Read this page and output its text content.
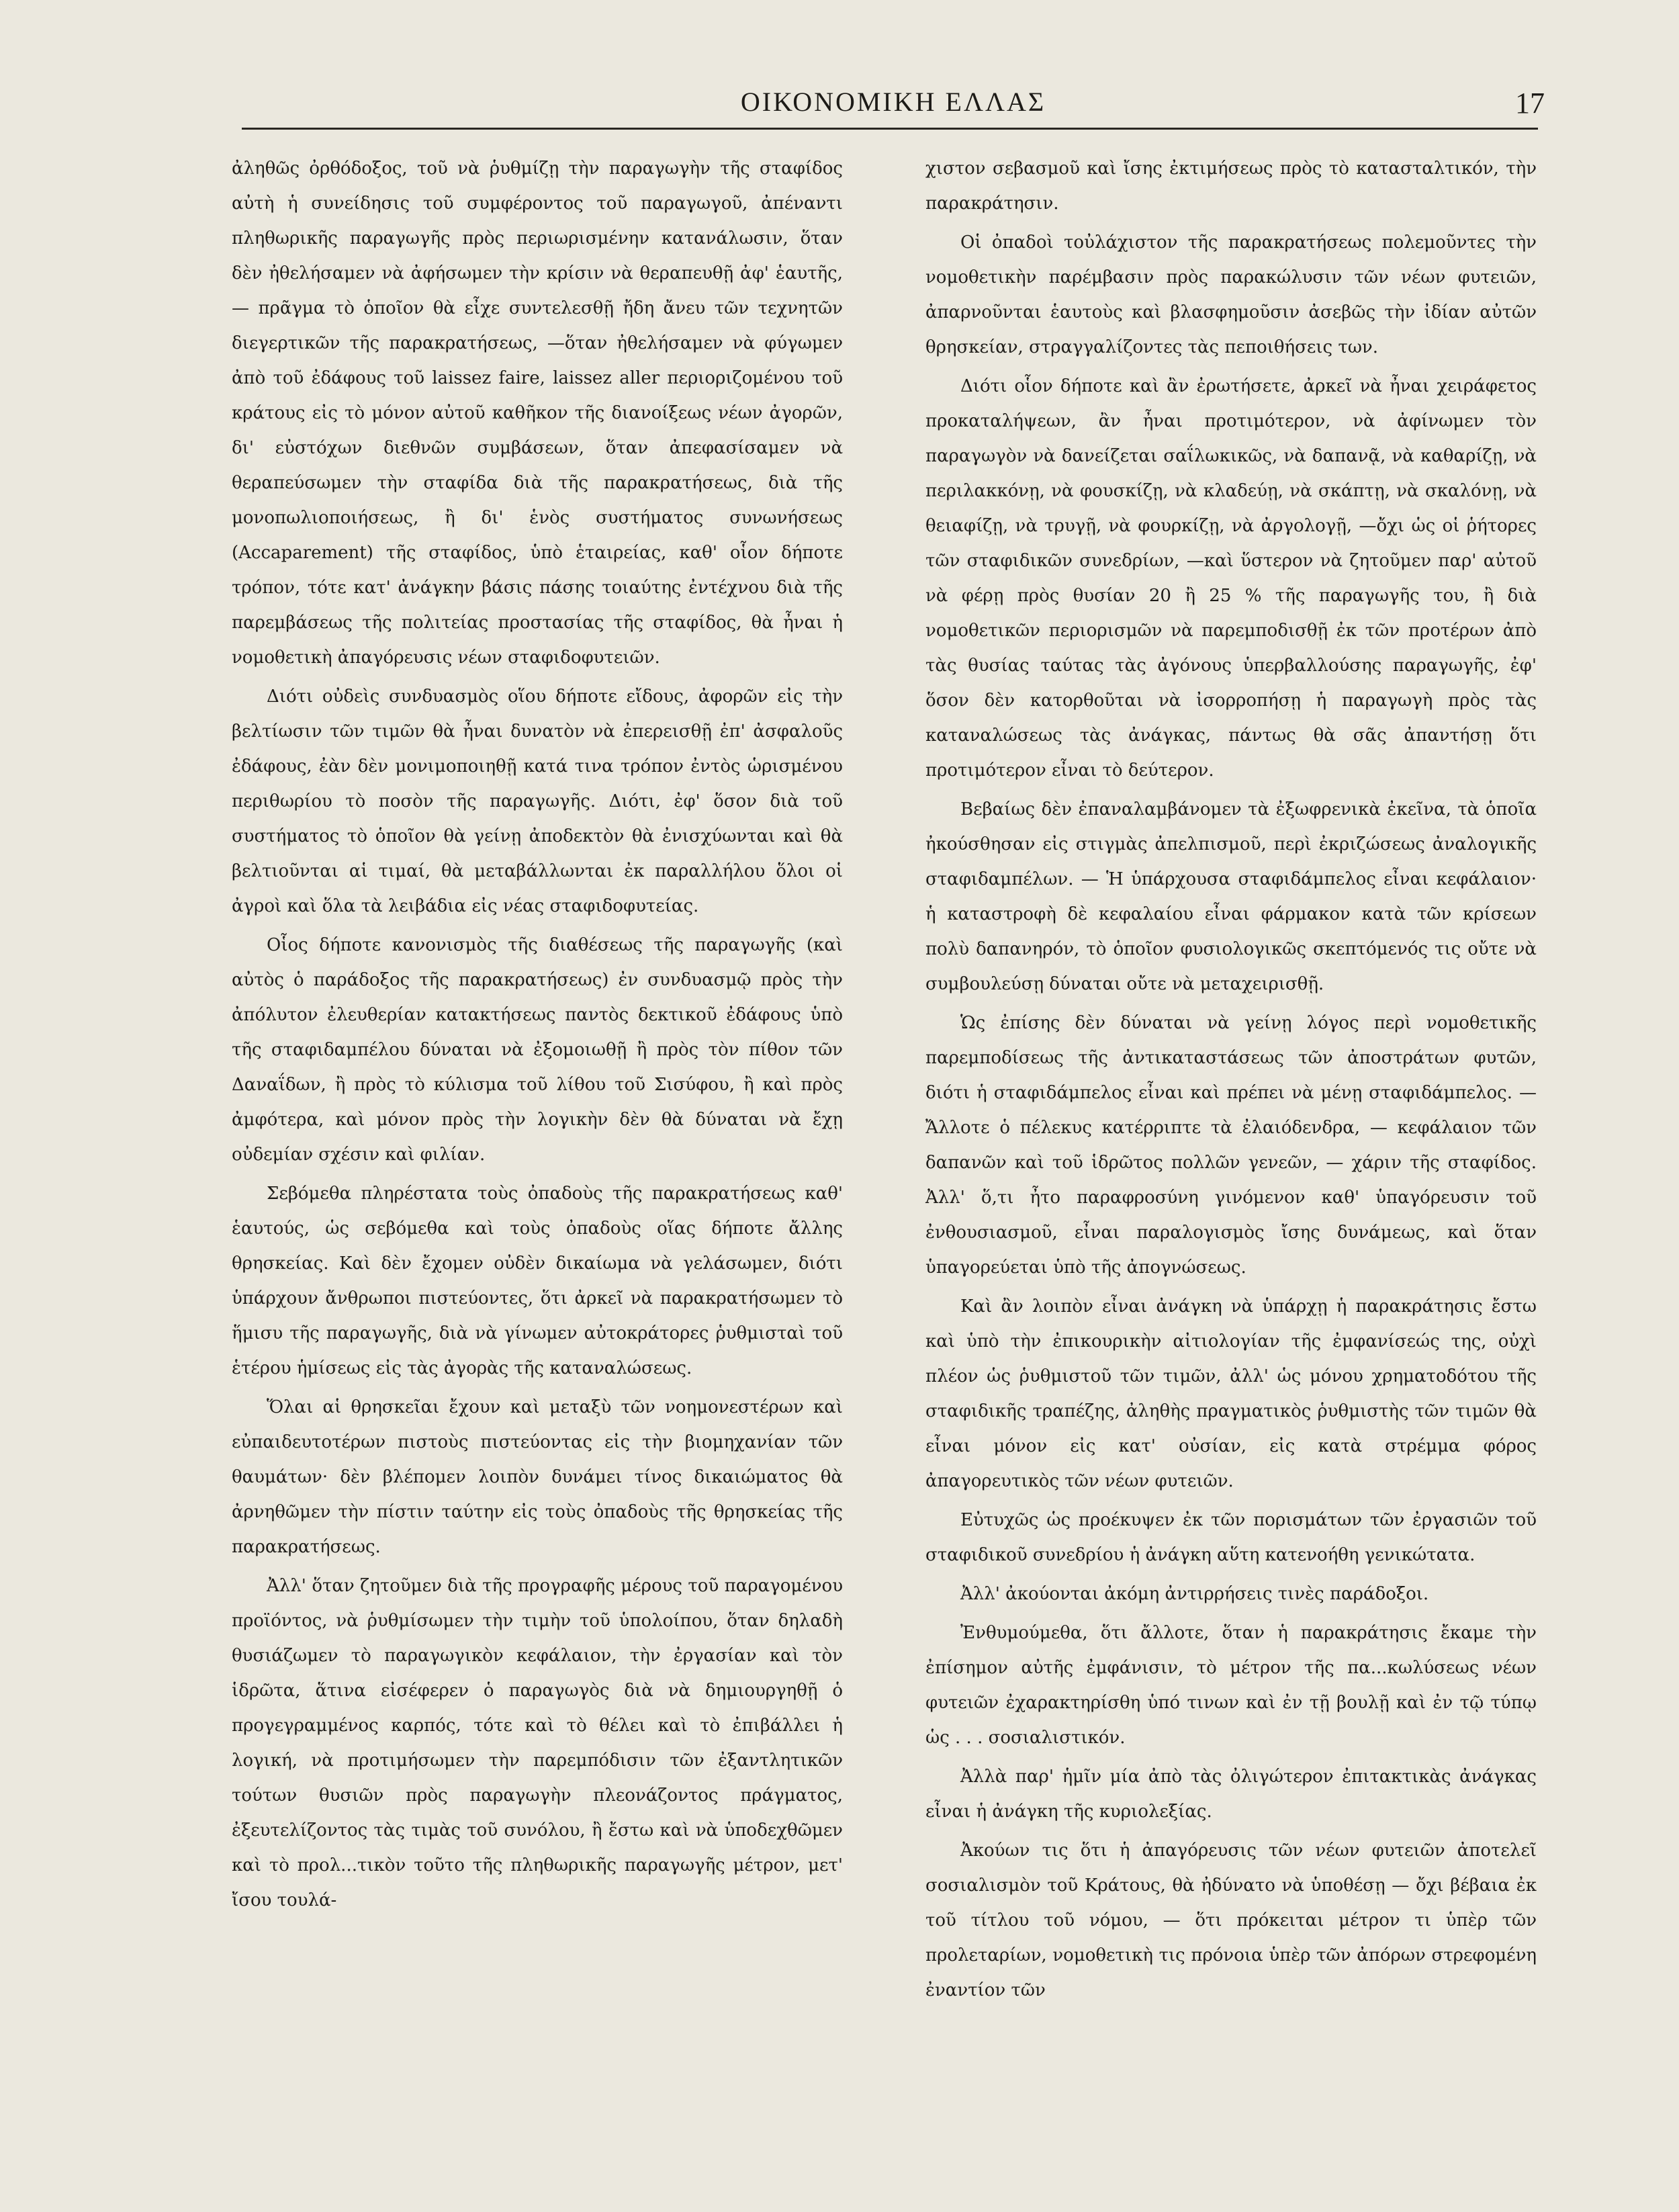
ΟΙΚΟΝΟΜΙΚΗ ΕΛΛΑΣ	17

ἀληθῶς ὀρθόδοξος, τοῦ νὰ ῥυθμίζῃ τὴν παραγωγὴν τῆς σταφίδος αὐτὴ ἡ συνείδησις τοῦ συμφέροντος τοῦ παραγωγοῦ, ἀπέναντι πληθωρικῆς παραγωγῆς πρὸς περιωρισμένην κατανάλωσιν, ὅταν δὲν ἠθελήσαμεν νὰ ἀφήσωμεν τὴν κρίσιν νὰ θεραπευθῇ ἀφ' ἑαυτῆς, — πρᾶγμα τὸ ὁποῖον θὰ εἶχε συντελεσθῇ ἤδη ἄνευ τῶν τεχνητῶν διεγερτικῶν τῆς παρακρατήσεως, —ὅταν ἠθελήσαμεν νὰ φύγωμεν ἀπὸ τοῦ ἐδάφους τοῦ laissez faire, laissez aller περιοριζομένου τοῦ κράτους εἰς τὸ μόνον αὐτοῦ καθῆκον τῆς διανοίξεως νέων ἀγορῶν, δι' εὐστόχων διεθνῶν συμβάσεων, ὅταν ἀπεφασίσαμεν νὰ θεραπεύσωμεν τὴν σταφίδα διὰ τῆς παρακρατήσεως, διὰ τῆς μονοπωλιοποιήσεως, ἢ δι' ἑνὸς συστήματος συνωνήσεως (Accaparement) τῆς σταφίδος, ὑπὸ ἑταιρείας, καθ' οἷον δήποτε τρόπον, τότε κατ' ἀνάγκην βάσις πάσης τοιαύτης ἐντέχνου διὰ τῆς παρεμβάσεως τῆς πολιτείας προστασίας τῆς σταφίδος, θὰ ἦναι ἡ νομοθετικὴ ἀπαγόρευσις νέων σταφιδοφυτειῶν.

Διότι οὐδεὶς συνδυασμὸς οἵου δήποτε εἴδους, ἀφορῶν εἰς τὴν βελτίωσιν τῶν τιμῶν θὰ ἦναι δυνατὸν νὰ ἐπερεισθῇ ἐπ' ἀσφαλοῦς ἐδάφους, ἐὰν δὲν μονιμοποιηθῇ κατά τινα τρόπον ἐντὸς ὡρισμένου περιθωρίου τὸ ποσὸν τῆς παραγωγῆς. Διότι, ἐφ' ὅσον διὰ τοῦ συστήματος τὸ ὁποῖον θὰ γείνῃ ἀποδεκτὸν θὰ ἐνισχύωνται καὶ θὰ βελτιοῦνται αἱ τιμαί, θὰ μεταβάλλωνται ἐκ παραλλήλου ὅλοι οἱ ἀγροὶ καὶ ὅλα τὰ λειβάδια εἰς νέας σταφιδοφυτείας.

Οἷος δήποτε κανονισμὸς τῆς διαθέσεως τῆς παραγωγῆς (καὶ αὐτὸς ὁ παράδοξος τῆς παρακρατήσεως) ἐν συνδυασμῷ πρὸς τὴν ἀπόλυτον ἐλευθερίαν κατακτήσεως παντὸς δεκτικοῦ ἐδάφους ὑπὸ τῆς σταφιδαμπέλου δύναται νὰ ἐξομοιωθῇ ἢ πρὸς τὸν πίθον τῶν Δαναΐδων, ἢ πρὸς τὸ κύλισμα τοῦ λίθου τοῦ Σισύφου, ἢ καὶ πρὸς ἀμφότερα, καὶ μόνον πρὸς τὴν λογικὴν δὲν θὰ δύναται νὰ ἔχῃ οὐδεμίαν σχέσιν καὶ φιλίαν.

Σεβόμεθα πληρέστατα τοὺς ὀπαδοὺς τῆς παρακρατήσεως καθ' ἑαυτούς, ὡς σεβόμεθα καὶ τοὺς ὀπαδοὺς οἵας δήποτε ἄλλης θρησκείας. Καὶ δὲν ἔχομεν οὐδὲν δικαίωμα νὰ γελάσωμεν, διότι ὑπάρχουν ἄνθρωποι πιστεύοντες, ὅτι ἀρκεῖ νὰ παρακρατήσωμεν τὸ ἥμισυ τῆς παραγωγῆς, διὰ νὰ γίνωμεν αὐτοκράτορες ῥυθμισταὶ τοῦ ἑτέρου ἡμίσεως εἰς τὰς ἀγορὰς τῆς καταναλώσεως.

Ὅλαι αἱ θρησκεῖαι ἔχουν καὶ μεταξὺ τῶν νοημονεστέρων καὶ εὐπαιδευτοτέρων πιστοὺς πιστεύοντας εἰς τὴν βιομηχανίαν τῶν θαυμάτων· δὲν βλέπομεν λοιπὸν δυνάμει τίνος δικαιώματος θὰ ἀρνηθῶμεν τὴν πίστιν ταύτην εἰς τοὺς ὀπαδοὺς τῆς θρησκείας τῆς παρακρατήσεως.

Ἀλλ' ὅταν ζητοῦμεν διὰ τῆς προγραφῆς μέρους τοῦ παραγομένου προϊόντος, νὰ ῥυθμίσωμεν τὴν τιμὴν τοῦ ὑπολοίπου, ὅταν δηλαδὴ θυσιάζωμεν τὸ παραγωγικὸν κεφάλαιον, τὴν ἐργασίαν καὶ τὸν ἱδρῶτα, ἅτινα εἰσέφερεν ὁ παραγωγὸς διὰ νὰ δημιουργηθῇ ὁ προγεγραμμένος καρπός, τότε καὶ τὸ θέλει καὶ τὸ ἐπιβάλλει ἡ λογική, νὰ προτιμήσωμεν τὴν παρεμπόδισιν τῶν ἐξαντλητικῶν τούτων θυσιῶν πρὸς παραγωγὴν πλεονάζοντος πράγματος, ἐξευτελίζοντος τὰς τιμὰς τοῦ συνόλου, ἢ ἔστω καὶ νὰ ὑποδεχθῶμεν καὶ τὸ προλ...τικὸν τοῦτο τῆς πληθωρικῆς παραγωγῆς μέτρον, μετ' ἴσου τουλά-

χιστον σεβασμοῦ καὶ ἴσης ἐκτιμήσεως πρὸς τὸ κατασταλτικόν, τὴν παρακράτησιν.

Οἱ ὀπαδοὶ τοὐλάχιστον τῆς παρακρατήσεως πολεμοῦντες τὴν νομοθετικὴν παρέμβασιν πρὸς παρακώλυσιν τῶν νέων φυτειῶν, ἀπαρνοῦνται ἑαυτοὺς καὶ βλασφημοῦσιν ἀσεβῶς τὴν ἰδίαν αὐτῶν θρησκείαν, στραγγαλίζοντες τὰς πεποιθήσεις των.

Διότι οἷον δήποτε καὶ ἂν ἐρωτήσετε, ἀρκεῖ νὰ ἦναι χειράφετος προκαταλήψεων, ἂν ἦναι προτιμότερον, νὰ ἀφίνωμεν τὸν παραγωγὸν νὰ δανείζεται σαΐλωκικῶς, νὰ δαπανᾷ, νὰ καθαρίζῃ, νὰ περιλακκόνῃ, νὰ φουσκίζῃ, νὰ κλαδεύῃ, νὰ σκάπτῃ, νὰ σκαλόνῃ, νὰ θειαφίζῃ, νὰ τρυγῇ, νὰ φουρκίζῃ, νὰ ἀργολογῇ, —ὄχι ὡς οἱ ῥήτορες τῶν σταφιδικῶν συνεδρίων, —καὶ ὕστερον νὰ ζητοῦμεν παρ' αὐτοῦ νὰ φέρῃ πρὸς θυσίαν 20 ἢ 25 % τῆς παραγωγῆς του, ἢ διὰ νομοθετικῶν περιορισμῶν νὰ παρεμποδισθῇ ἐκ τῶν προτέρων ἀπὸ τὰς θυσίας ταύτας τὰς ἀγόνους ὑπερβαλλούσης παραγωγῆς, ἐφ' ὅσον δὲν κατορθοῦται νὰ ἰσορροπήσῃ ἡ παραγωγὴ πρὸς τὰς καταναλώσεως τὰς ἀνάγκας, πάντως θὰ σᾶς ἀπαντήσῃ ὅτι προτιμότερον εἶναι τὸ δεύτερον.

Βεβαίως δὲν ἐπαναλαμβάνομεν τὰ ἐξωφρενικὰ ἐκεῖνα, τὰ ὁποῖα ἠκούσθησαν εἰς στιγμὰς ἀπελπισμοῦ, περὶ ἐκριζώσεως ἀναλογικῆς σταφιδαμπέλων. — Ἡ ὑπάρχουσα σταφιδάμπελος εἶναι κεφάλαιον· ἡ καταστροφὴ δὲ κεφαλαίου εἶναι φάρμακον κατὰ τῶν κρίσεων πολὺ δαπανηρόν, τὸ ὁποῖον φυσιολογικῶς σκεπτόμενός τις οὔτε νὰ συμβουλεύσῃ δύναται οὔτε νὰ μεταχειρισθῇ.

Ὡς ἐπίσης δὲν δύναται νὰ γείνῃ λόγος περὶ νομοθετικῆς παρεμποδίσεως τῆς ἀντικαταστάσεως τῶν ἀποστράτων φυτῶν, διότι ἡ σταφιδάμπελος εἶναι καὶ πρέπει νὰ μένῃ σταφιδάμπελος. — Ἄλλοτε ὁ πέλεκυς κατέρριπτε τὰ ἐλαιόδενδρα, — κεφάλαιον τῶν δαπανῶν καὶ τοῦ ἱδρῶτος πολλῶν γενεῶν, — χάριν τῆς σταφίδος. Ἀλλ' ὅ,τι ἦτο παραφροσύνη γινόμενον καθ' ὑπαγόρευσιν τοῦ ἐνθουσιασμοῦ, εἶναι παραλογισμὸς ἴσης δυνάμεως, καὶ ὅταν ὑπαγορεύεται ὑπὸ τῆς ἀπογνώσεως.

Καὶ ἂν λοιπὸν εἶναι ἀνάγκη νὰ ὑπάρχῃ ἡ παρακράτησις ἔστω καὶ ὑπὸ τὴν ἐπικουρικὴν αἰτιολογίαν τῆς ἐμφανίσεώς της, οὐχὶ πλέον ὡς ῥυθμιστοῦ τῶν τιμῶν, ἀλλ' ὡς μόνου χρηματοδότου τῆς σταφιδικῆς τραπέζης, ἀληθὴς πραγματικὸς ῥυθμιστὴς τῶν τιμῶν θὰ εἶναι μόνον εἰς κατ' οὐσίαν, εἰς κατὰ στρέμμα φόρος ἀπαγορευτικὸς τῶν νέων φυτειῶν.

Εὐτυχῶς ὡς προέκυψεν ἐκ τῶν πορισμάτων τῶν ἐργασιῶν τοῦ σταφιδικοῦ συνεδρίου ἡ ἀνάγκη αὕτη κατενοήθη γενικώτατα.

Ἀλλ' ἀκούονται ἀκόμη ἀντιρρήσεις τινὲς παράδοξοι.

Ἐνθυμούμεθα, ὅτι ἄλλοτε, ὅταν ἡ παρακράτησις ἔκαμε τὴν ἐπίσημον αὐτῆς ἐμφάνισιν, τὸ μέτρον τῆς πα...κωλύσεως νέων φυτειῶν ἐχαρακτηρίσθη ὑπό τινων καὶ ἐν τῇ βουλῇ καὶ ἐν τῷ τύπῳ ὡς . . . σοσιαλιστικόν.

Ἀλλὰ παρ' ἡμῖν μία ἀπὸ τὰς ὀλιγώτερον ἐπιτακτικὰς ἀνάγκας εἶναι ἡ ἀνάγκη τῆς κυριολεξίας.

Ἀκούων τις ὅτι ἡ ἀπαγόρευσις τῶν νέων φυτειῶν ἀποτελεῖ σοσιαλισμὸν τοῦ Κράτους, θὰ ἠδύνατο νὰ ὑποθέσῃ — ὄχι βέβαια ἐκ τοῦ τίτλου τοῦ νόμου, — ὅτι πρόκειται μέτρον τι ὑπὲρ τῶν προλεταρίων, νομοθετικὴ τις πρόνοια ὑπὲρ τῶν ἀπόρων στρεφομένη ἐναντίον τῶν
